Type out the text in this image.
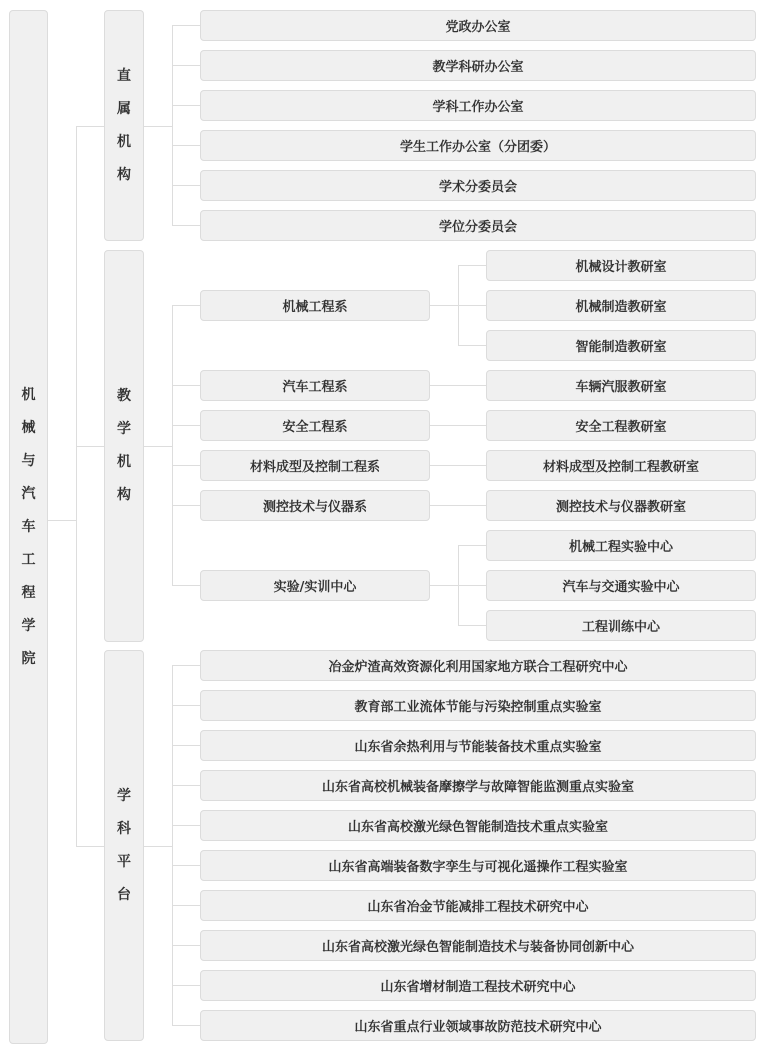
党政办公室
教学科研办公室
学科工作办公室
学生工作办公室（分团委）
学术分委员会
学位分委员会
直属机构
机械工程系
机械设计教研室
机械制造教研室
智能制造教研室
汽车工程系	车辆汽服教研室
安全工程系	安全工程教研室
材料成型及控制工程系	材料成型及控制工程教研室
测控技术与仪器系	测控技术与仪器教研室
实验/实训中心
机械工程实验中心
汽车与交通实验中心
工程训练中心
教学机构
冶金炉渣高效资源化利用国家地方联合工程研究中心
教育部工业流体节能与污染控制重点实验室
山东省余热利用与节能装备技术重点实验室
山东省高校机械装备摩擦学与故障智能监测重点实验室
山东省高校激光绿色智能制造技术重点实验室
山东省高端装备数字孪生与可视化遥操作工程实验室
山东省冶金节能减排工程技术研究中心
山东省高校激光绿色智能制造技术与装备协同创新中心
山东省增材制造工程技术研究中心
山东省重点行业领域事故防范技术研究中心
学科平台
机械与汽车工程学院
